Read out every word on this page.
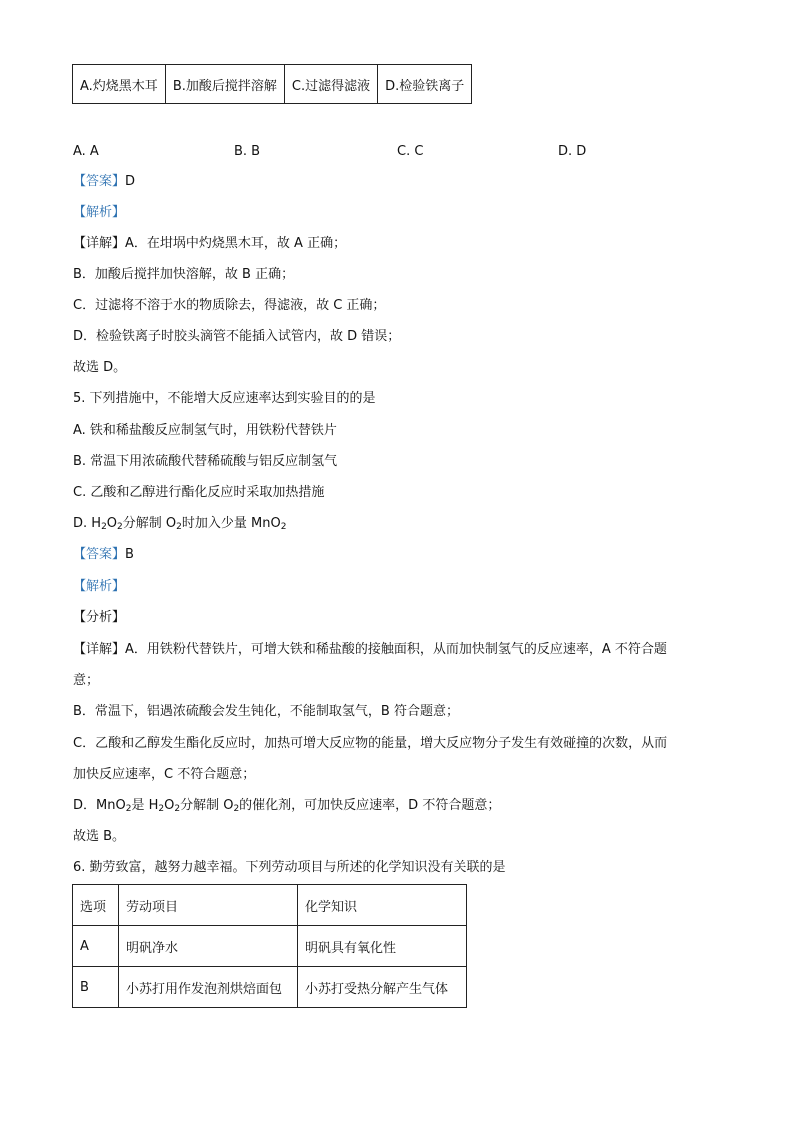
A.灼烧黑木耳	B.加酸后搅拌溶解	C.过滤得滤液	D.检验铁离子
A. A	B. B	C. C	D. D
【答案】D
【解析】
【详解】A．在坩埚中灼烧黑木耳，故 A 正确；
B．加酸后搅拌加快溶解，故 B 正确；
C．过滤将不溶于水的物质除去，得滤液，故 C 正确；
D．检验铁离子时胶头滴管不能插入试管内，故 D 错误；
故选 D。
5. 下列措施中，不能增大反应速率达到实验目的的是
A. 铁和稀盐酸反应制氢气时，用铁粉代替铁片
B. 常温下用浓硫酸代替稀硫酸与铝反应制氢气
C. 乙酸和乙醇进行酯化反应时采取加热措施
D. $H_2O_2$分解制 $O_2$时加入少量 MnO$_2$
【答案】B
【解析】
【分析】
【详解】A．用铁粉代替铁片，可增大铁和稀盐酸的接触面积，从而加快制氢气的反应速率，A 不符合题
意；
B．常温下，铝遇浓硫酸会发生钝化，不能制取氢气，B 符合题意；
C．乙酸和乙醇发生酯化反应时，加热可增大反应物的能量，增大反应物分子发生有效碰撞的次数，从而
加快反应速率，C 不符合题意；
D．MnO$_2$是 $H_2O_2$分解制 $O_2$的催化剂，可加快反应速率，D 不符合题意；
故选 B。
6. 勤劳致富，越努力越幸福。下列劳动项目与所述的化学知识没有关联的是
选项	劳动项目	化学知识
A	明矾净水	明矾具有氧化性
B	小苏打用作发泡剂烘焙面包	小苏打受热分解产生气体
